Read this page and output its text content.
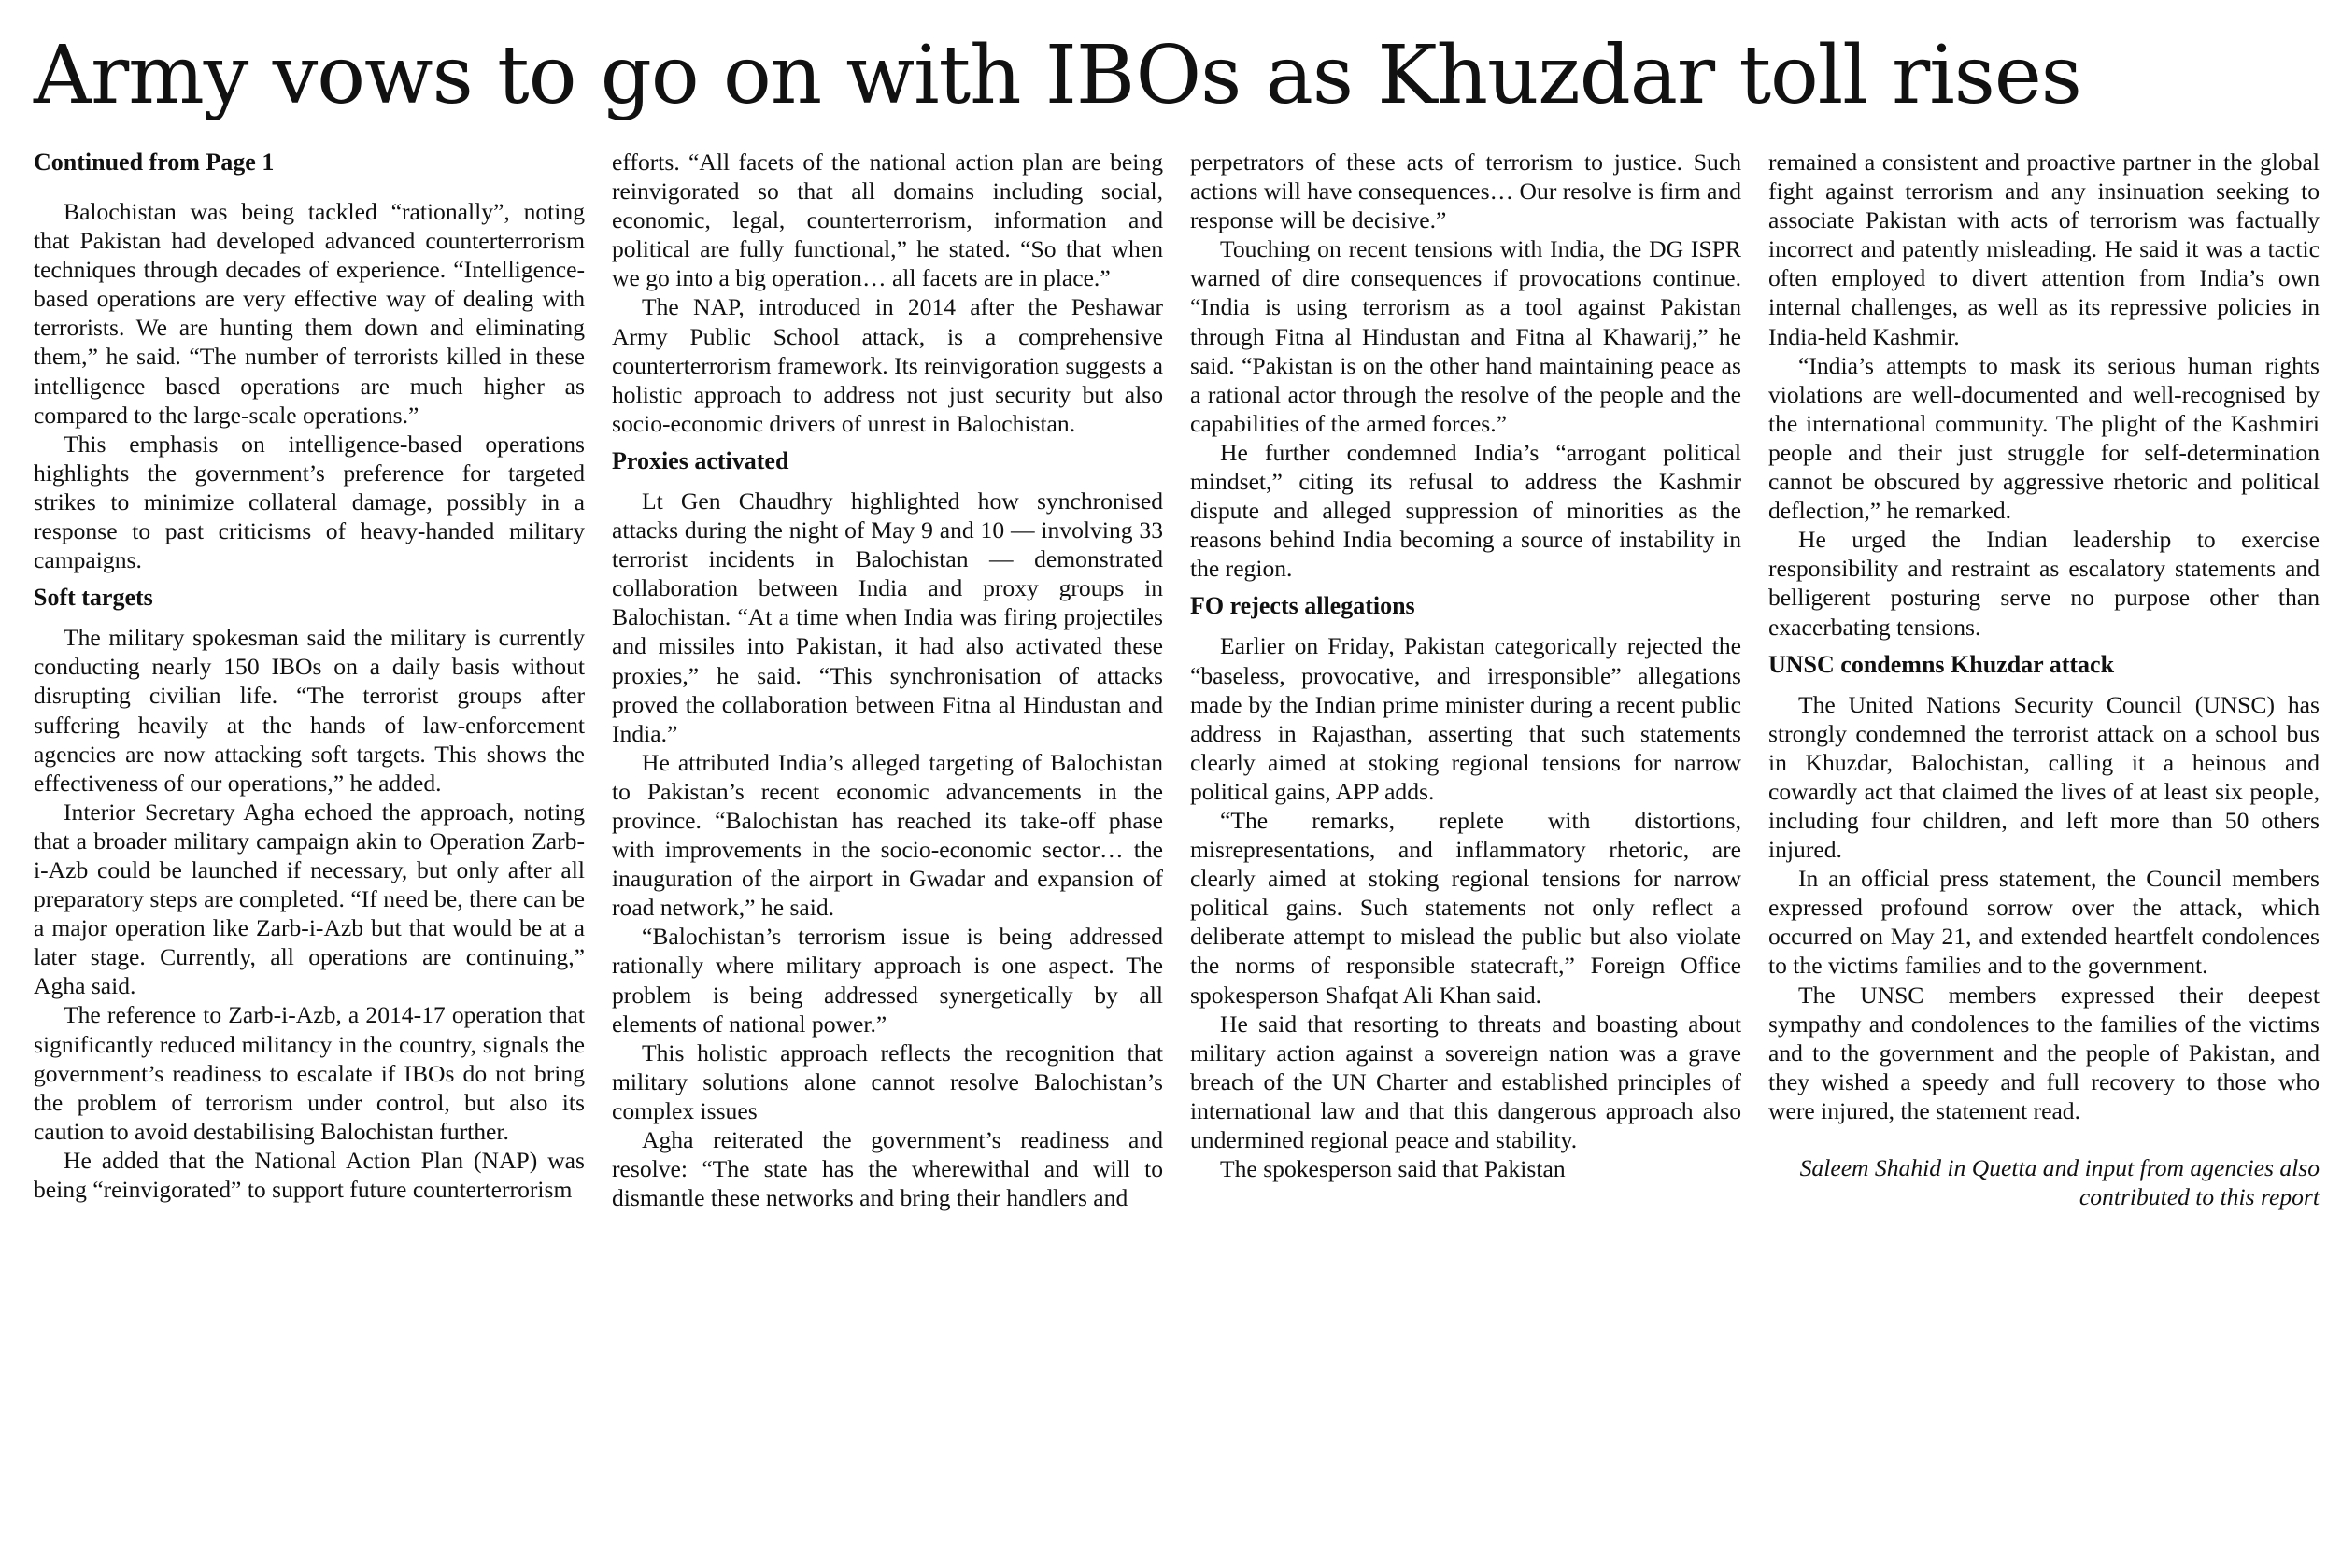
Army vows to go on with IBOs as Khuzdar toll rises
Continued from Page 1

Balochistan was being tackled “rationally”, noting that Pakistan had developed advanced counterterrorism techniques through decades of experience. “Intelligence-based operations are very effective way of dealing with terrorists. We are hunting them down and eliminating them,” he said. “The number of terrorists killed in these intelligence based operations are much higher as compared to the large-scale operations.”

This emphasis on intelligence-based operations highlights the government’s preference for targeted strikes to minimize collateral damage, possibly in a response to past criticisms of heavy-handed military campaigns.

Soft targets

The military spokesman said the military is currently conducting nearly 150 IBOs on a daily basis without disrupting civilian life. “The terrorist groups after suffering heavily at the hands of law-enforcement agencies are now attacking soft targets. This shows the effectiveness of our operations,” he added.

Interior Secretary Agha echoed the approach, noting that a broader military campaign akin to Operation Zarb-i-Azb could be launched if necessary, but only after all preparatory steps are completed. “If need be, there can be a major operation like Zarb-i-Azb but that would be at a later stage. Currently, all operations are continuing,” Agha said.

The reference to Zarb-i-Azb, a 2014-17 operation that significantly reduced militancy in the country, signals the government’s readiness to escalate if IBOs do not bring the problem of terrorism under control, but also its caution to avoid destabilising Balochistan further.

He added that the National Action Plan (NAP) was being “reinvigorated” to support future counterterrorism

efforts. “All facets of the national action plan are being reinvigorated so that all domains including social, economic, legal, counterterrorism, information and political are fully functional,” he stated. “So that when we go into a big operation… all facets are in place.”

The NAP, introduced in 2014 after the Peshawar Army Public School attack, is a comprehensive counterterrorism framework. Its reinvigoration suggests a holistic approach to address not just security but also socio-economic drivers of unrest in Balochistan.

Proxies activated

Lt Gen Chaudhry highlighted how synchronised attacks during the night of May 9 and 10 — involving 33 terrorist incidents in Balochistan — demonstrated collaboration between India and proxy groups in Balochistan. “At a time when India was firing projectiles and missiles into Pakistan, it had also activated these proxies,” he said. “This synchronisation of attacks proved the collaboration between Fitna al Hindustan and India.”

He attributed India’s alleged targeting of Balochistan to Pakistan’s recent economic advancements in the province. “Balochistan has reached its take-off phase with improvements in the socio-economic sector… the inauguration of the airport in Gwadar and expansion of road network,” he said.

“Balochistan’s terrorism issue is being addressed rationally where military approach is one aspect. The problem is being addressed synergetically by all elements of national power.”

This holistic approach reflects the recognition that military solutions alone cannot resolve Balochistan’s complex issues

Agha reiterated the government’s readiness and resolve: “The state has the wherewithal and will to dismantle these networks and bring their handlers and

perpetrators of these acts of terrorism to justice. Such actions will have consequences… Our resolve is firm and response will be decisive.”

Touching on recent tensions with India, the DG ISPR warned of dire consequences if provocations continue. “India is using terrorism as a tool against Pakistan through Fitna al Hindustan and Fitna al Khawarij,” he said. “Pakistan is on the other hand maintaining peace as a rational actor through the resolve of the people and the capabilities of the armed forces.”

He further condemned India’s “arrogant political mindset,” citing its refusal to address the Kashmir dispute and alleged suppression of minorities as the reasons behind India becoming a source of instability in the region.

FO rejects allegations

Earlier on Friday, Pakistan categorically rejected the “baseless, provocative, and irresponsible” allegations made by the Indian prime minister during a recent public address in Rajasthan, asserting that such statements clearly aimed at stoking regional tensions for narrow political gains, APP adds.

“The remarks, replete with distortions, misrepresentations, and inflammatory rhetoric, are clearly aimed at stoking regional tensions for narrow political gains. Such statements not only reflect a deliberate attempt to mislead the public but also violate the norms of responsible statecraft,” Foreign Office spokesperson Shafqat Ali Khan said.

He said that resorting to threats and boasting about military action against a sovereign nation was a grave breach of the UN Charter and established principles of international law and that this dangerous approach also undermined regional peace and stability.

The spokesperson said that Pakistan

remained a consistent and proactive partner in the global fight against terrorism and any insinuation seeking to associate Pakistan with acts of terrorism was factually incorrect and patently misleading. He said it was a tactic often employed to divert attention from India’s own internal challenges, as well as its repressive policies in India-held Kashmir.

“India’s attempts to mask its serious human rights violations are well-documented and well-recognised by the international community. The plight of the Kashmiri people and their just struggle for self-determination cannot be obscured by aggressive rhetoric and political deflection,” he remarked.

He urged the Indian leadership to exercise responsibility and restraint as escalatory statements and belligerent posturing serve no purpose other than exacerbating tensions.

UNSC condemns Khuzdar attack

The United Nations Security Council (UNSC) has strongly condemned the terrorist attack on a school bus in Khuzdar, Balochistan, calling it a heinous and cowardly act that claimed the lives of at least six people, including four children, and left more than 50 others injured.

In an official press statement, the Council members expressed profound sorrow over the attack, which occurred on May 21, and extended heartfelt condolences to the victims families and to the government.

The UNSC members expressed their deepest sympathy and condolences to the families of the victims and to the government and the people of Pakistan, and they wished a speedy and full recovery to those who were injured, the statement read.

Saleem Shahid in Quetta and input from agencies also contributed to this report
